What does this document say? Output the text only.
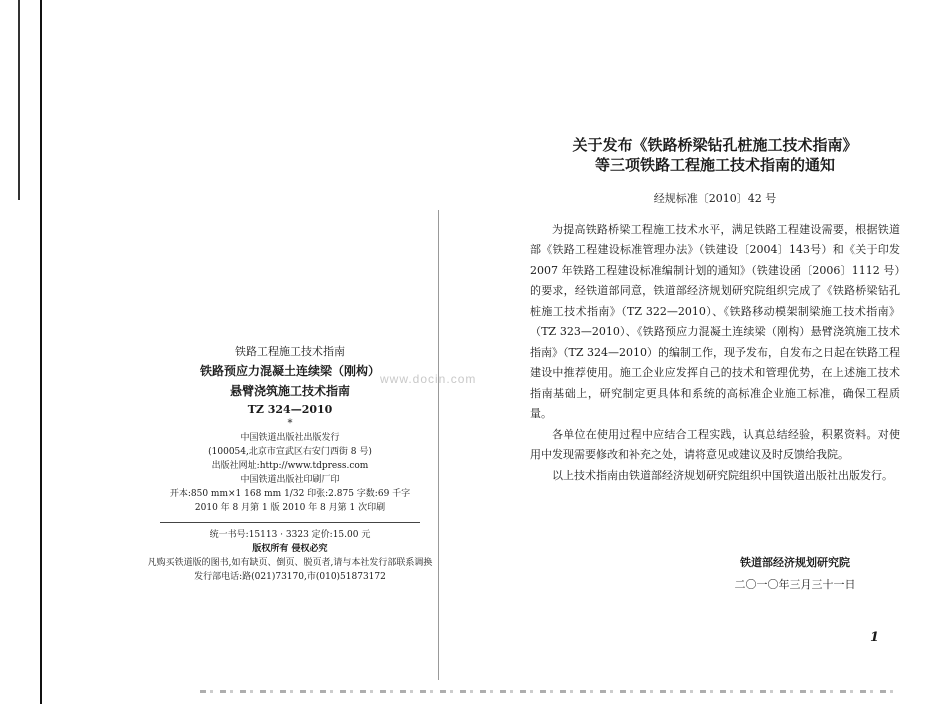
www.docin.com

铁路工程施工技术指南

铁路预应力混凝土连续梁（刚构）

悬臂浇筑施工技术指南

TZ 324—2010

*

中国铁道出版社出版发行

(100054,北京市宣武区右安门西街 8 号)

出版社网址:http://www.tdpress.com

中国铁道出版社印刷厂印

开本:850 mm×1 168 mm 1/32 印张:2.875 字数:69 千字

2010 年 8 月第 1 版 2010 年 8 月第 1 次印刷

统一书号:15113 · 3323 定价:15.00 元

版权所有 侵权必究

凡购买铁道版的图书,如有缺页、倒页、脱页者,请与本社发行部联系调换

发行部电话:路(021)73170,市(010)51873172

关于发布《铁路桥梁钻孔桩施工技术指南》

等三项铁路工程施工技术指南的通知

经规标准〔2010〕42 号

为提高铁路桥梁工程施工技术水平，满足铁路工程建设需要，根据铁道部《铁路工程建设标准管理办法》（铁建设〔2004〕143号）和《关于印发 2007 年铁路工程建设标准编制计划的通知》（铁建设函〔2006〕1112 号）的要求，经铁道部同意，铁道部经济规划研究院组织完成了《铁路桥梁钻孔桩施工技术指南》（TZ 322—2010）、《铁路移动模架制梁施工技术指南》（TZ 323—2010）、《铁路预应力混凝土连续梁（刚构）悬臂浇筑施工技术指南》（TZ 324—2010）的编制工作，现予发布，自发布之日起在铁路工程建设中推荐使用。施工企业应发挥自己的技术和管理优势，在上述施工技术指南基础上，研究制定更具体和系统的高标准企业施工标准，确保工程质量。

各单位在使用过程中应结合工程实践，认真总结经验，积累资料。对使用中发现需要修改和补充之处，请将意见或建议及时反馈给我院。

以上技术指南由铁道部经济规划研究院组织中国铁道出版社出版发行。

铁道部经济规划研究院

二〇一〇年三月三十一日

1
